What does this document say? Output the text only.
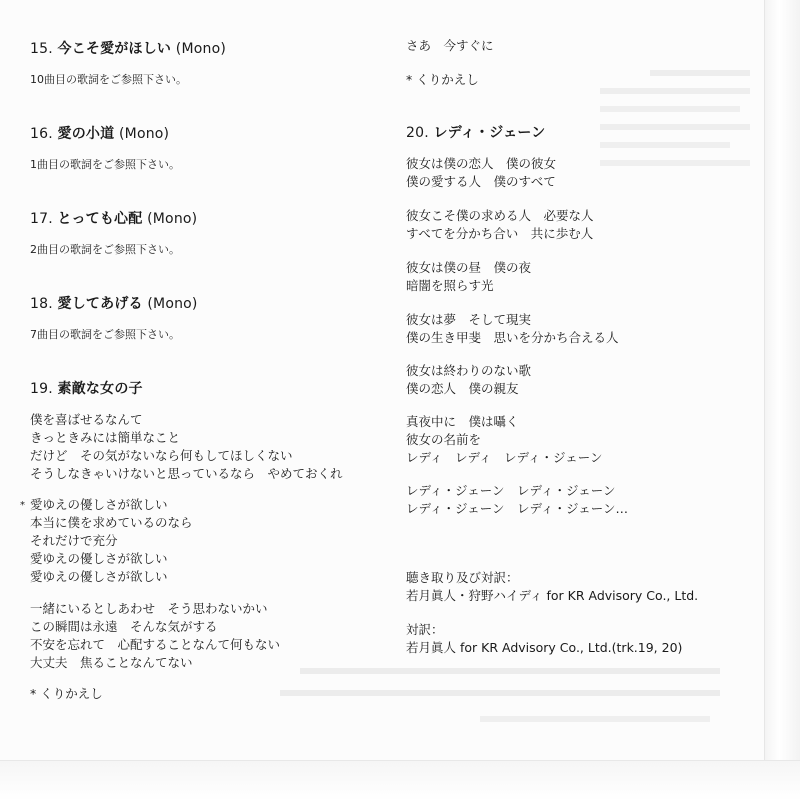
15. 今こそ愛がほしい (Mono)
10曲目の歌詞をご参照下さい。
16. 愛の小道 (Mono)
1曲目の歌詞をご参照下さい。
17. とっても心配 (Mono)
2曲目の歌詞をご参照下さい。
18. 愛してあげる (Mono)
7曲目の歌詞をご参照下さい。
19. 素敵な女の子
僕を喜ばせるなんて
きっときみには簡単なこと
だけど　その気がないなら何もしてほしくない
そうしなきゃいけないと思っているなら　やめておくれ
* 愛ゆえの優しさが欲しい
本当に僕を求めているのなら
それだけで充分
愛ゆえの優しさが欲しい
愛ゆえの優しさが欲しい
一緒にいるとしあわせ　そう思わないかい
この瞬間は永遠　そんな気がする
不安を忘れて　心配することなんて何もない
大丈夫　焦ることなんてない
* くりかえし
さあ　今すぐに
* くりかえし
20. レディ・ジェーン
彼女は僕の恋人　僕の彼女
僕の愛する人　僕のすべて
彼女こそ僕の求める人　必要な人
すべてを分かち合い　共に歩む人
彼女は僕の昼　僕の夜
暗闇を照らす光
彼女は夢　そして現実
僕の生き甲斐　思いを分かち合える人
彼女は終わりのない歌
僕の恋人　僕の親友
真夜中に　僕は囁く
彼女の名前を
レディ　レディ　レディ・ジェーン
レディ・ジェーン　レディ・ジェーン
レディ・ジェーン　レディ・ジェーン…
聴き取り及び対訳：
若月眞人・狩野ハイディ for KR Advisory Co., Ltd.
対訳：
若月眞人 for KR Advisory Co., Ltd.(trk.19, 20)
